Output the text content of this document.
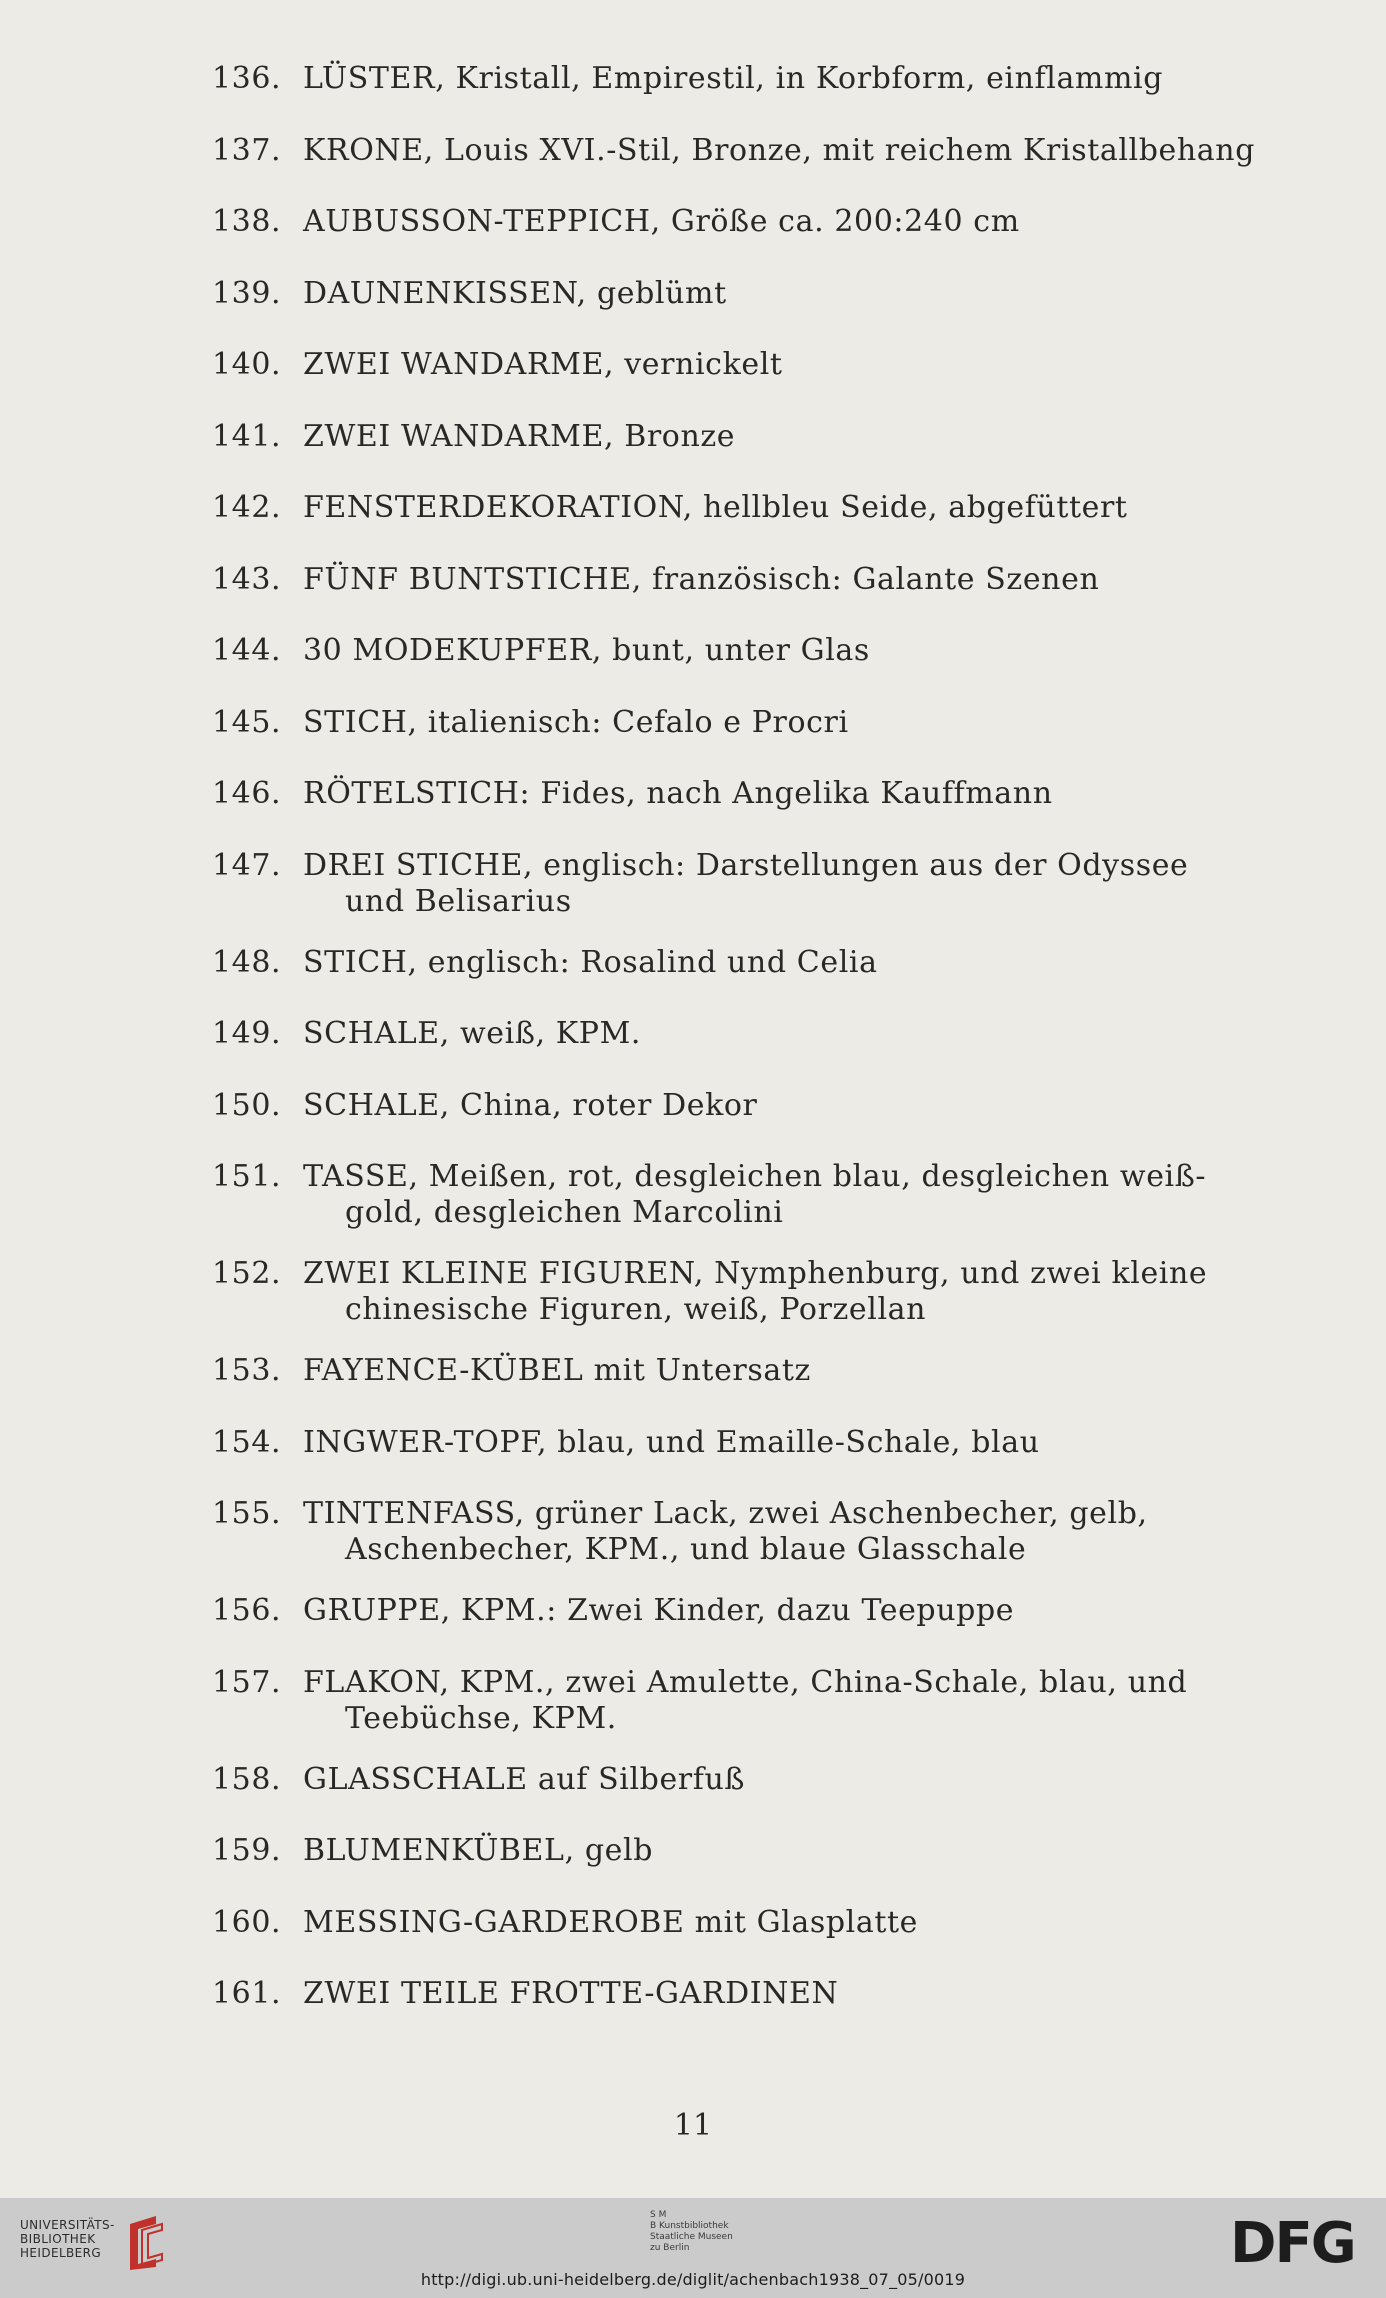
136. LÜSTER, Kristall, Empirestil, in Korbform, einflammig
137. KRONE, Louis XVI.-Stil, Bronze, mit reichem Kristallbehang
138. AUBUSSON-TEPPICH, Größe ca. 200:240 cm
139. DAUNENKISSEN, geblümt
140. ZWEI WANDARME, vernickelt
141. ZWEI WANDARME, Bronze
142. FENSTERDEKORATION, hellbleu Seide, abgefüttert
143. FÜNF BUNTSTICHE, französisch: Galante Szenen
144. 30 MODEKUPFER, bunt, unter Glas
145. STICH, italienisch: Cefalo e Procri
146. RÖTELSTICH: Fides, nach Angelika Kauffmann
147. DREI STICHE, englisch: Darstellungen aus der Odyssee
und Belisarius
148. STICH, englisch: Rosalind und Celia
149. SCHALE, weiß, KPM.
150. SCHALE, China, roter Dekor
151. TASSE, Meißen, rot, desgleichen blau, desgleichen weiß-
gold, desgleichen Marcolini
152. ZWEI KLEINE FIGUREN, Nymphenburg, und zwei kleine
chinesische Figuren, weiß, Porzellan
153. FAYENCE-KÜBEL mit Untersatz
154. INGWER-TOPF, blau, und Emaille-Schale, blau
155. TINTENFASS, grüner Lack, zwei Aschenbecher, gelb,
Aschenbecher, KPM., und blaue Glasschale
156. GRUPPE, KPM.: Zwei Kinder, dazu Teepuppe
157. FLAKON, KPM., zwei Amulette, China-Schale, blau, und
Teebüchse, KPM.
158. GLASSCHALE auf Silberfuß
159. BLUMENKÜBEL, gelb
160. MESSING-GARDEROBE mit Glasplatte
161. ZWEI TEILE FROTTE-GARDINEN
11
UNIVERSITÄTS-
BIBLIOTHEK
HEIDELBERG
S M
B Kunstbibliothek
Staatliche Museen
zu Berlin	DFG
http://digi.ub.uni-heidelberg.de/diglit/achenbach1938_07_05/0019
